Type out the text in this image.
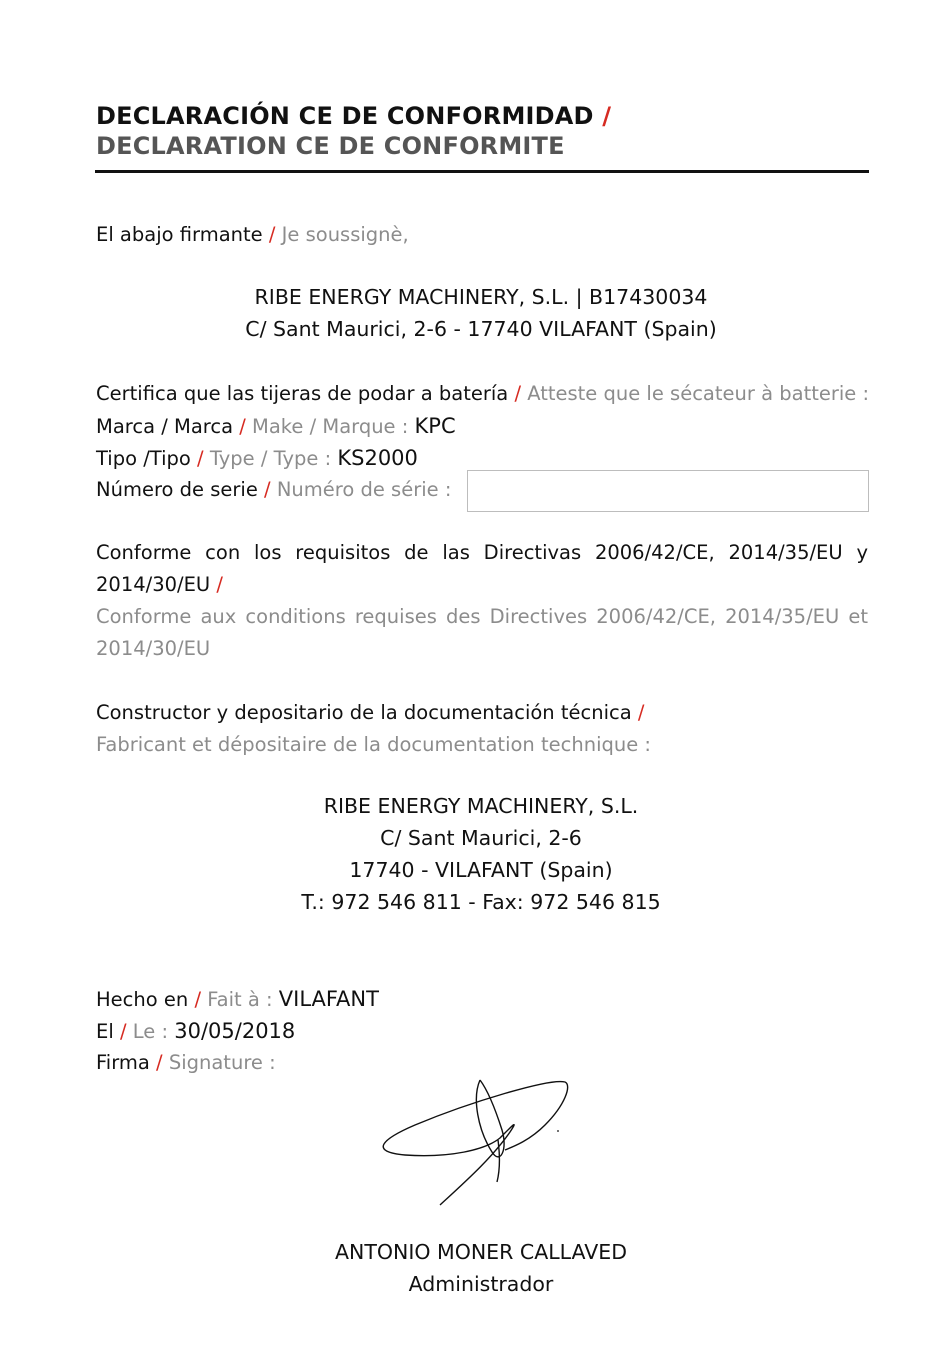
DECLARACIÓN CE DE CONFORMIDAD /
DECLARATION CE DE CONFORMITE
El abajo firmante / Je soussignè,
RIBE ENERGY MACHINERY, S.L. | B17430034
C/ Sant Maurici, 2-6 - 17740 VILAFANT (Spain)
Certifica que las tijeras de podar a batería / Atteste que le sécateur à batterie :
Marca / Marca / Make / Marque : KPC
Tipo /Tipo / Type / Type : KS2000
Número de serie / Numéro de série :
Conforme con los requisitos de las Directivas 2006/42/CE, 2014/35/EU y
2014/30/EU /
Conforme aux conditions requises des Directives 2006/42/CE, 2014/35/EU et
2014/30/EU
Constructor y depositario de la documentación técnica /
Fabricant et dépositaire de la documentation technique :
RIBE ENERGY MACHINERY, S.L.
C/ Sant Maurici, 2-6
17740 - VILAFANT (Spain)
T.: 972 546 811 - Fax: 972 546 815
Hecho en / Fait à : VILAFANT
El / Le : 30/05/2018
Firma / Signature :
ANTONIO MONER CALLAVED
Administrador
